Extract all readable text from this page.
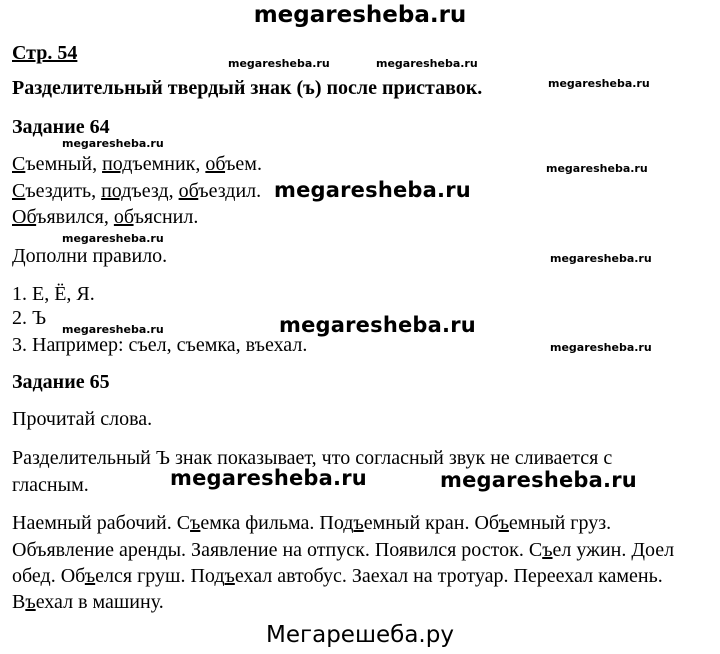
megaresheba.ru
Стр. 54	megaresheba.ru	megaresheba.ru
Разделительный твердый знак (ъ) после приставок.	megaresheba.ru
Задание 64
megaresheba.ru
Съемный, подъемник, объем.	megaresheba.ru
Съездить, подъезд, объездил. megaresheba.ru
Объявился, объяснил.
megaresheba.ru
Дополни правило.	megaresheba.ru
1. Е, Ё, Я.
2. Ъ
megaresheba.ru	megaresheba.ru
3. Например: съел, съемка, въехал.	megaresheba.ru
Задание 65
Прочитай слова.
Разделительный Ъ знак показывает, что согласный звук не сливается с
гласным.	megaresheba.ru	megaresheba.ru
Наемный рабочий. Съемка фильма. Подъемный кран. Объемный груз.
Объявление аренды. Заявление на отпуск. Появился росток. Съел ужин. Доел
обед. Объелся груш. Подъехал автобус. Заехал на тротуар. Переехал камень.
Въехал в машину.
Мегарешеба.ру
